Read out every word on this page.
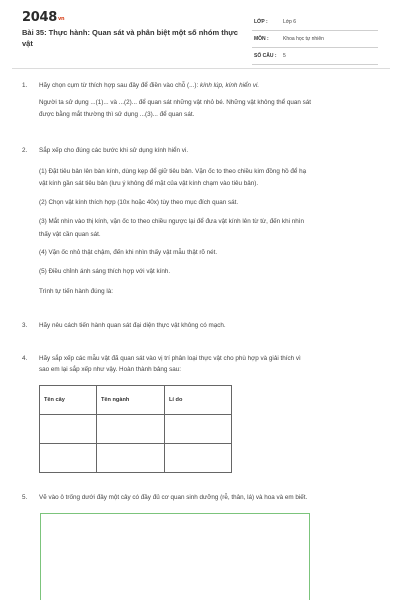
$2048^{vn}$
Bài 35: Thực hành: Quan sát và phân biệt một số nhóm thực vật
LỚP :	Lớp 6
MÔN :	Khoa học tự nhiên
SỐ CÂU :	5
1.	Hãy chọn cụm từ thích hợp sau đây để điền vào chỗ (...): kính lúp, kính hiển vi.
Người ta sử dụng ...(1)... và ...(2)... để quan sát những vật nhỏ bé. Những vật không thể quan sát
được bằng mắt thường thì sử dụng ...(3)... để quan sát.
2.	Sắp xếp cho đúng các bước khi sử dụng kính hiển vi.
(1) Đặt tiêu bản lên bàn kính, dùng kẹp để giữ tiêu bản. Vặn ốc to theo chiều kim đồng hồ để hạ
vật kính gần sát tiêu bản (lưu ý không để mặt của vật kính chạm vào tiêu bản).
(2) Chọn vật kính thích hợp (10x hoặc 40x) tùy theo mục đích quan sát.
(3) Mắt nhìn vào thị kính, vặn ốc to theo chiều ngược lại để đưa vật kính lên từ từ, đến khi nhìn
thấy vật cần quan sát.
(4) Vặn ốc nhỏ thật chậm, đến khi nhìn thấy vật mẫu thật rõ nét.
(5) Điều chỉnh ánh sáng thích hợp với vật kính.
Trình tự tiến hành đúng là:
3.	Hãy nêu cách tiến hành quan sát đại diện thực vật không có mạch.
4.	Hãy sắp xếp các mẫu vật đã quan sát vào vị trí phân loại thực vật cho phù hợp và giải thích vì
sao em lại sắp xếp như vậy. Hoàn thành bảng sau:
Tên cây	Tên ngành	Lí do

5.	Vẽ vào ô trống dưới đây một cây có đầy đủ cơ quan sinh dưỡng (rễ, thân, lá) và hoa và em biết.
